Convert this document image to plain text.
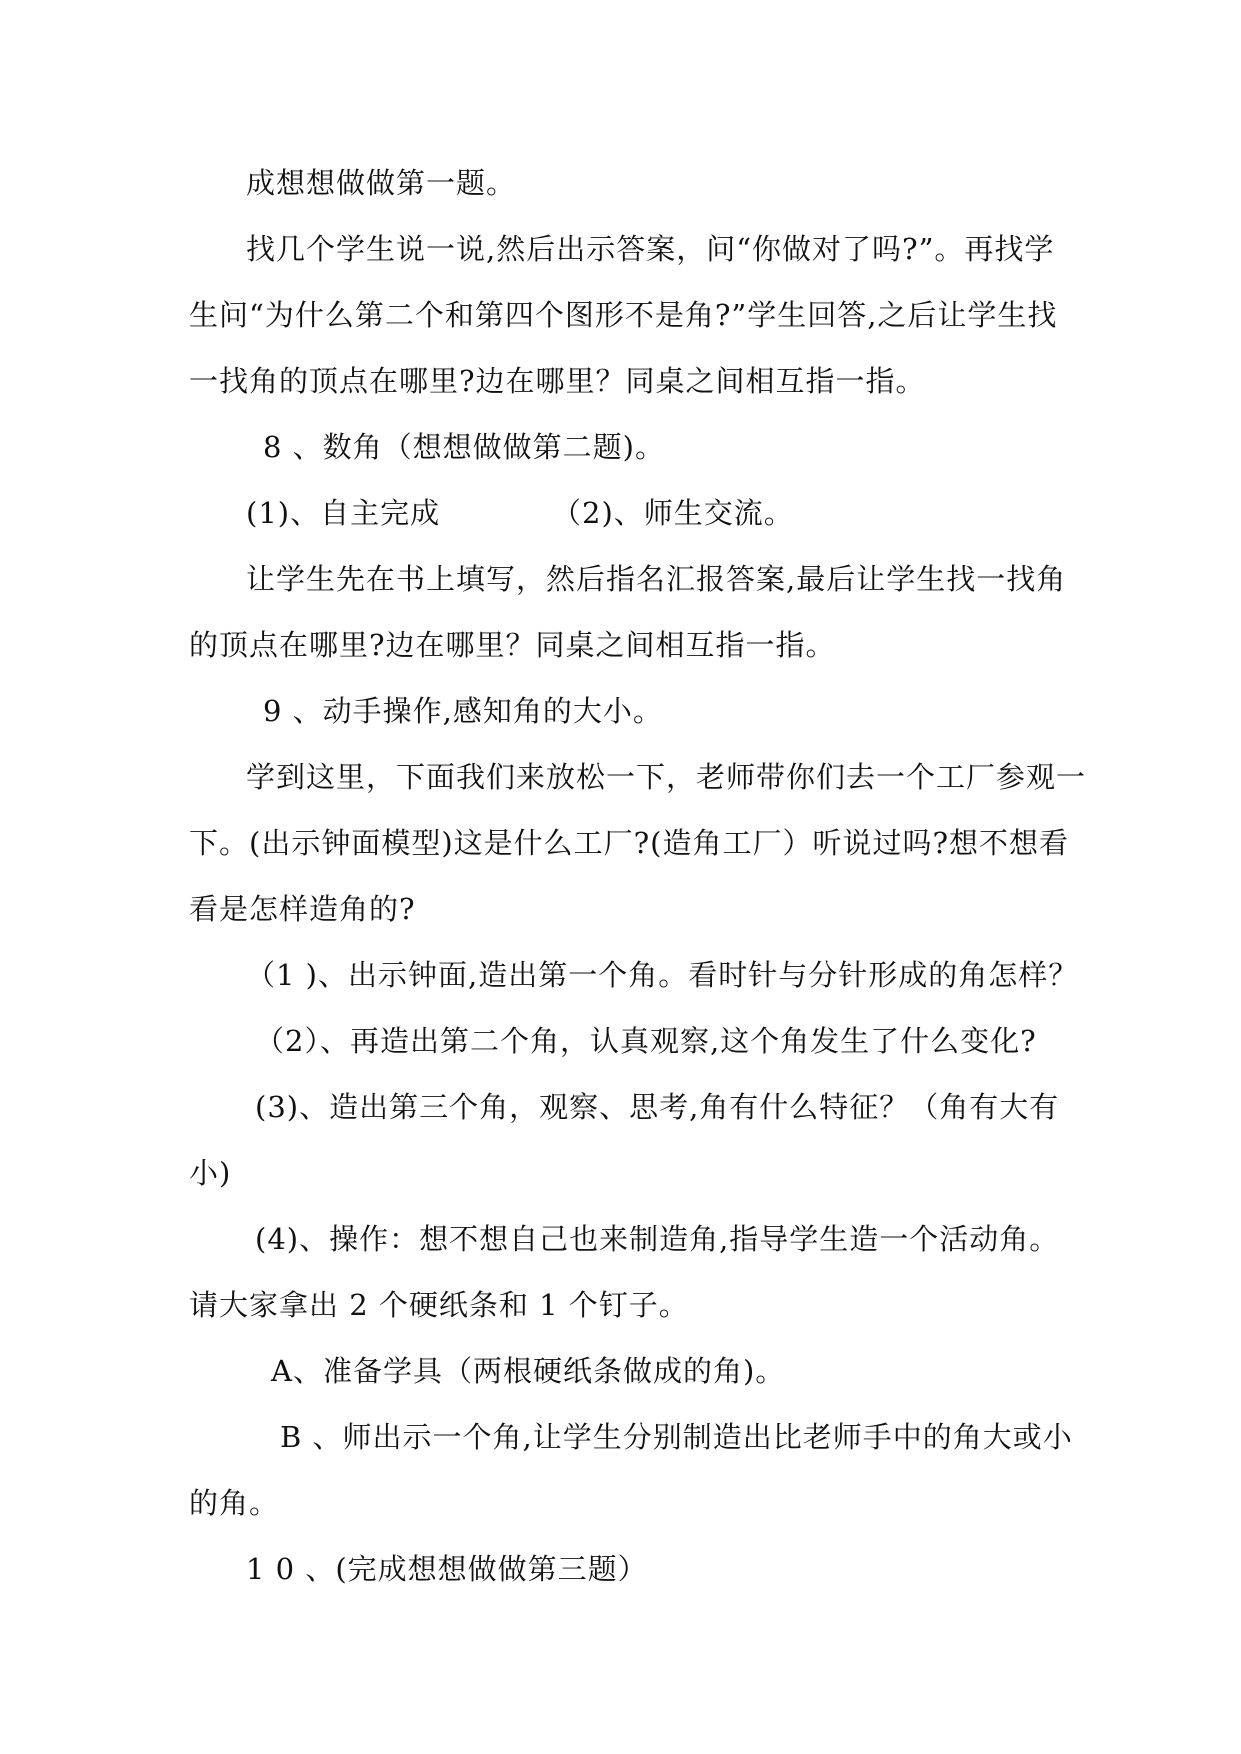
成想想做做第一题。
找几个学生说一说,然后出示答案，问“你做对了吗?”。再找学
生问“为什么第二个和第四个图形不是角?”学生回答,之后让学生找
一找角的顶点在哪里?边在哪里？同桌之间相互指一指。
8 、数角（想想做做第二题)。
(1)、自主完成	（2)、师生交流。
让学生先在书上填写，然后指名汇报答案,最后让学生找一找角
的顶点在哪里?边在哪里？同桌之间相互指一指。
9 、动手操作,感知角的大小。
学到这里，下面我们来放松一下，老师带你们去一个工厂参观一
下。(出示钟面模型)这是什么工厂?(造角工厂）听说过吗?想不想看
看是怎样造角的?
（1 )、出示钟面,造出第一个角。看时针与分针形成的角怎样？
（2）、再造出第二个角，认真观察,这个角发生了什么变化?
(3)、造出第三个角，观察、思考,角有什么特征？（角有大有
小)
(4)、操作：想不想自己也来制造角,指导学生造一个活动角。
请大家拿出 2 个硬纸条和 1 个钉子。
A、准备学具（两根硬纸条做成的角)。
B 、师出示一个角,让学生分别制造出比老师手中的角大或小
的角。
1 0 、(完成想想做做第三题）
